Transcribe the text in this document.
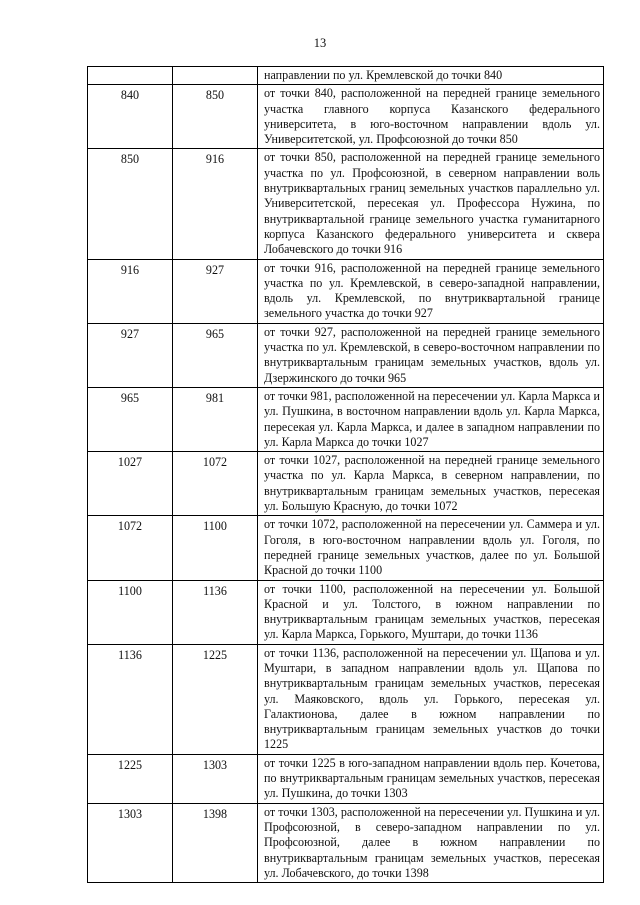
13
		направлении по ул. Кремлевской до точки 840
840	850	от точки 840, расположенной на передней границе земельного участка главного корпуса Казанского федерального университета, в юго-восточном направлении вдоль ул. Университетской, ул. Профсоюзной до точки 850
850	916	от точки 850, расположенной на передней границе земельного участка по ул. Профсоюзной, в северном направлении воль внутриквартальных границ земельных участков параллельно ул. Университетской, пересекая ул. Профессора Нужина, по внутриквартальной границе земельного участка гуманитарного корпуса Казанского федерального университета и сквера Лобачевского до точки 916
916	927	от точки 916, расположенной на передней границе земельного участка по ул. Кремлевской, в северо-западной направлении, вдоль ул. Кремлевской, по внутриквартальной границе земельного участка до точки 927
927	965	от точки 927, расположенной на передней границе земельного участка по ул. Кремлевской, в северо-восточном направлении по внутриквартальным границам земельных участков, вдоль ул. Дзержинского до точки 965
965	981	от точки 981, расположенной на пересечении ул. Карла Маркса и ул. Пушкина, в восточном направлении вдоль ул. Карла Маркса, пересекая ул. Карла Маркса, и далее в западном направлении по ул. Карла Маркса до точки 1027
1027	1072	от точки 1027, расположенной на передней границе земельного участка по ул. Карла Маркса, в северном направлении, по внутриквартальным границам земельных участков, пересекая ул. Большую Красную, до точки 1072
1072	1100	от точки 1072, расположенной на пересечении ул. Саммера и ул. Гоголя, в юго-восточном направлении вдоль ул. Гоголя, по передней границе земельных участков, далее по ул. Большой Красной до точки 1100
1100	1136	от точки 1100, расположенной на пересечении ул. Большой Красной и ул. Толстого, в южном направлении по внутриквартальным границам земельных участков, пересекая ул. Карла Маркса, Горького, Муштари, до точки 1136
1136	1225	от точки 1136, расположенной на пересечении ул. Щапова и ул. Муштари, в западном направлении вдоль ул. Щапова по внутриквартальным границам земельных участков, пересекая ул. Маяковского, вдоль ул. Горького, пересекая ул. Галактионова, далее в южном направлении по внутриквартальным границам земельных участков до точки 1225
1225	1303	от точки 1225 в юго-западном направлении вдоль пер. Кочетова, по внутриквартальным границам земельных участков, пересекая ул. Пушкина, до точки 1303
1303	1398	от точки 1303, расположенной на пересечении ул. Пушкина и ул. Профсоюзной, в северо-западном направлении по ул. Профсоюзной, далее в южном направлении по внутриквартальным границам земельных участков, пересекая ул. Лобачевского, до точки 1398
